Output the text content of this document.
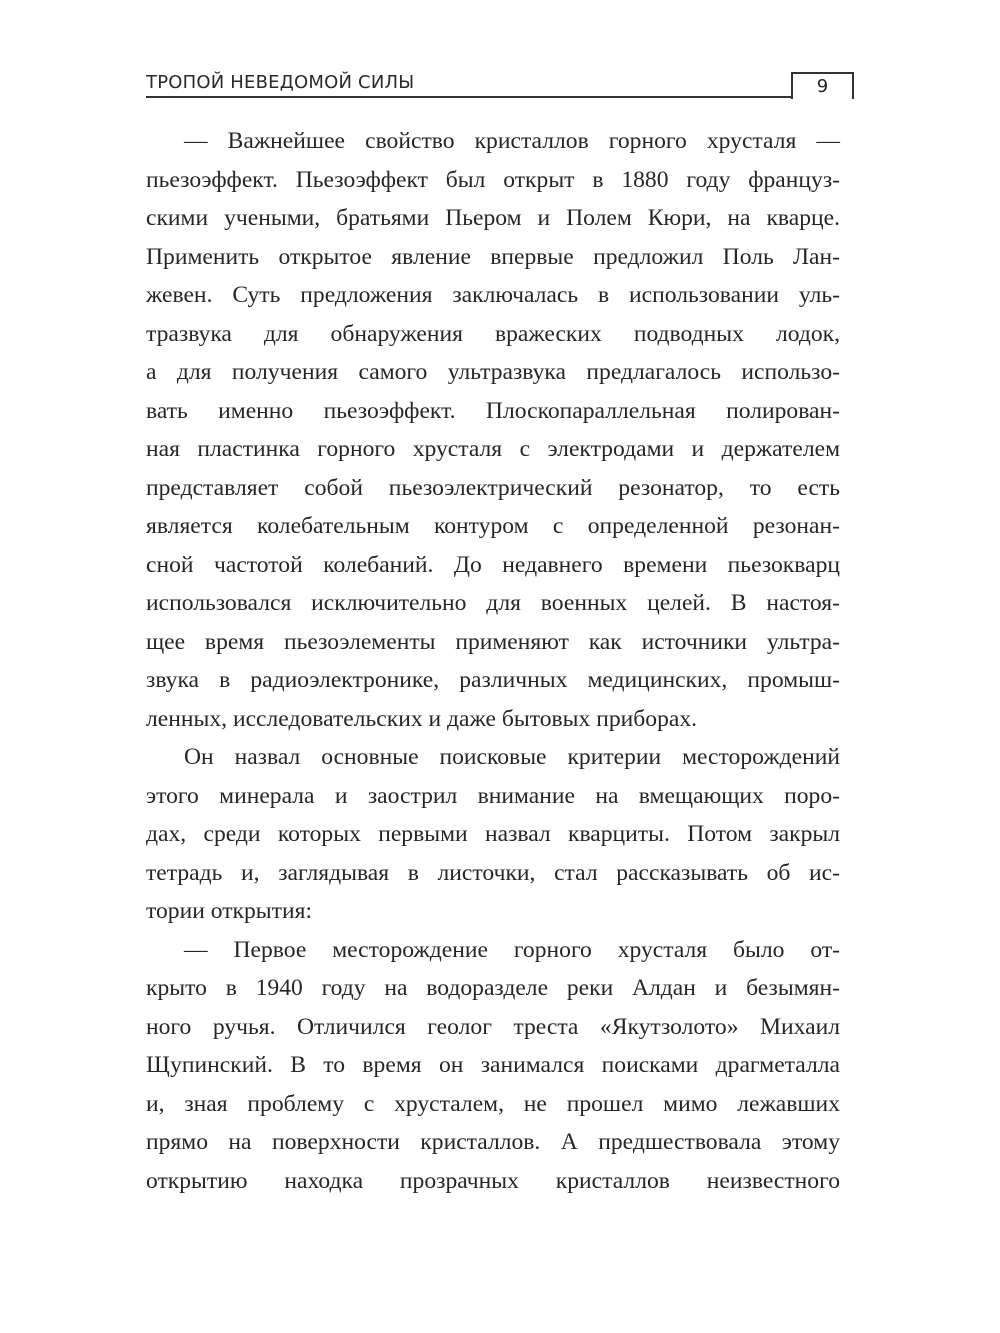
ТРОПОЙ НЕВЕДОМОЙ СИЛЫ	9
— Важнейшее свойство кристаллов горного хрусталя —
пьезоэффект. Пьезоэффект был открыт в 1880 году француз-
скими учеными, братьями Пьером и Полем Кюри, на кварце.
Применить открытое явление впервые предложил Поль Лан-
жевен. Суть предложения заключалась в использовании уль-
тразвука для обнаружения вражеских подводных лодок,
а для получения самого ультразвука предлагалось использо-
вать именно пьезоэффект. Плоскопараллельная полирован-
ная пластинка горного хрусталя с электродами и держателем
представляет собой пьезоэлектрический резонатор, то есть
является колебательным контуром с определенной резонан-
сной частотой колебаний. До недавнего времени пьезокварц
использовался исключительно для военных целей. В настоя-
щее время пьезоэлементы применяют как источники ультра-
звука в радиоэлектронике, различных медицинских, промыш-
ленных, исследовательских и даже бытовых приборах.
Он назвал основные поисковые критерии месторождений
этого минерала и заострил внимание на вмещающих поро-
дах, среди которых первыми назвал кварциты. Потом закрыл
тетрадь и, заглядывая в листочки, стал рассказывать об ис-
тории открытия:
— Первое месторождение горного хрусталя было от-
крыто в 1940 году на водоразделе реки Алдан и безымян-
ного ручья. Отличился геолог треста «Якутзолото» Михаил
Щупинский. В то время он занимался поисками драгметалла
и, зная проблему с хрусталем, не прошел мимо лежавших
прямо на поверхности кристаллов. А предшествовала этому
открытию находка прозрачных кристаллов неизвестного
